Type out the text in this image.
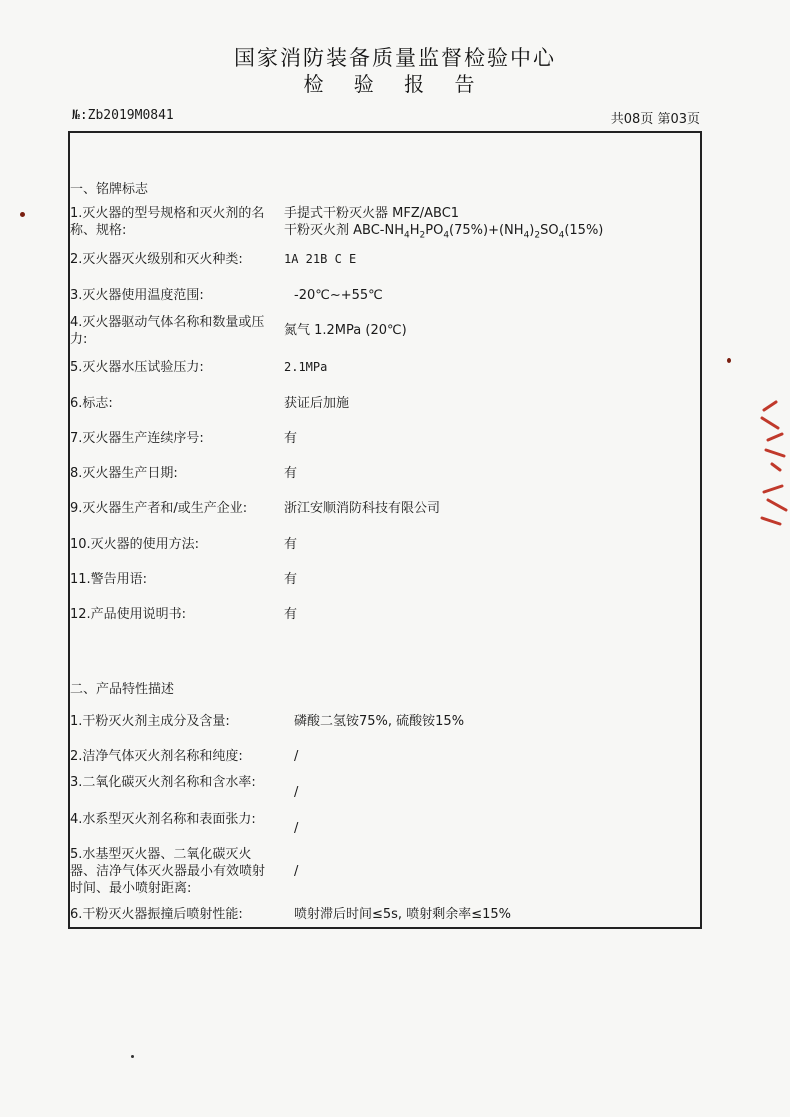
国家消防装备质量监督检验中心
检 验 报 告
№:Zb2019M0841	共08页 第03页
一、铭牌标志
1.灭火器的型号规格和灭火剂的名称、规格:
手提式干粉灭火器 MFZ/ABC1
干粉灭火剂 ABC-$NH_4H_2PO_4(75\%)+(NH_4)_2SO_4(15\%)$
2.灭火器灭火级别和灭火种类:	1A 21B C E
3.灭火器使用温度范围:	-20℃~+55℃
4.灭火器驱动气体名称和数量或压力:
氮气 1.2MPa (20℃)
5.灭火器水压试验压力:	2.1MPa
6.标志:	获证后加施
7.灭火器生产连续序号:	有
8.灭火器生产日期:	有
9.灭火器生产者和/或生产企业:	浙江安顺消防科技有限公司
10.灭火器的使用方法:	有
11.警告用语:	有
12.产品使用说明书:	有
二、产品特性描述
1.干粉灭火剂主成分及含量:	磷酸二氢铵75%, 硫酸铵15%
2.洁净气体灭火剂名称和纯度:	/
3.二氧化碳灭火剂名称和含水率:
/
4.水系型灭火剂名称和表面张力:
/
5.水基型灭火器、二氧化碳灭火器、洁净气体灭火器最小有效喷射时间、最小喷射距离:
/
6.干粉灭火器振撞后喷射性能:	喷射滞后时间≤5s, 喷射剩余率≤15%
